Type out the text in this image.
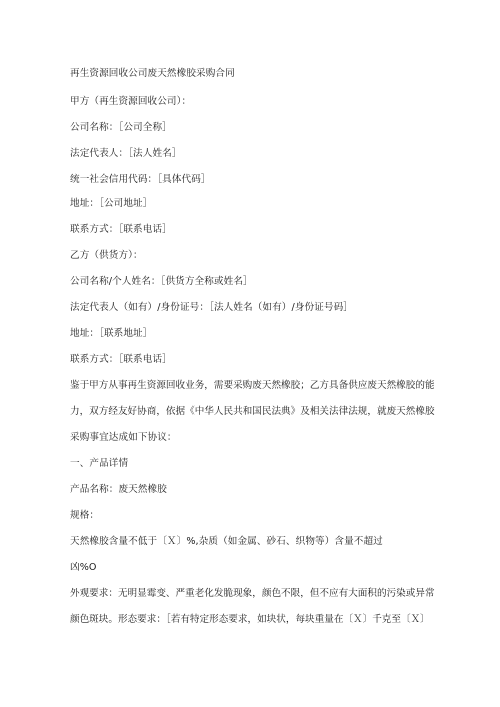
再生资源回收公司废天然橡胶采购合同
甲方（再生资源回收公司）：
公司名称：［公司全称］
法定代表人：［法人姓名］
统一社会信用代码：［具体代码］
地址：［公司地址］
联系方式：［联系电话］
乙方（供货方）：
公司名称/个人姓名：［供货方全称或姓名］
法定代表人（如有）/身份证号：［法人姓名（如有）/身份证号码］
地址：［联系地址］
联系方式：［联系电话］
鉴于甲方从事再生资源回收业务，需要采购废天然橡胶；乙方具备供应废天然橡胶的能
力，双方经友好协商，依据《中华人民共和国民法典》及相关法律法规，就废天然橡胶
采购事宜达成如下协议：
一、产品详情
产品名称：废天然橡胶
规格：
天然橡胶含量不低于〔Ｘ〕%,杂质（如金属、砂石、织物等）含量不超过
凶%O
外观要求：无明显霉变、严重老化发脆现象，颜色不限，但不应有大面积的污染或异常
颜色斑块。形态要求：［若有特定形态要求，如块状，每块重量在〔Ｘ〕千克至〔Ｘ〕
